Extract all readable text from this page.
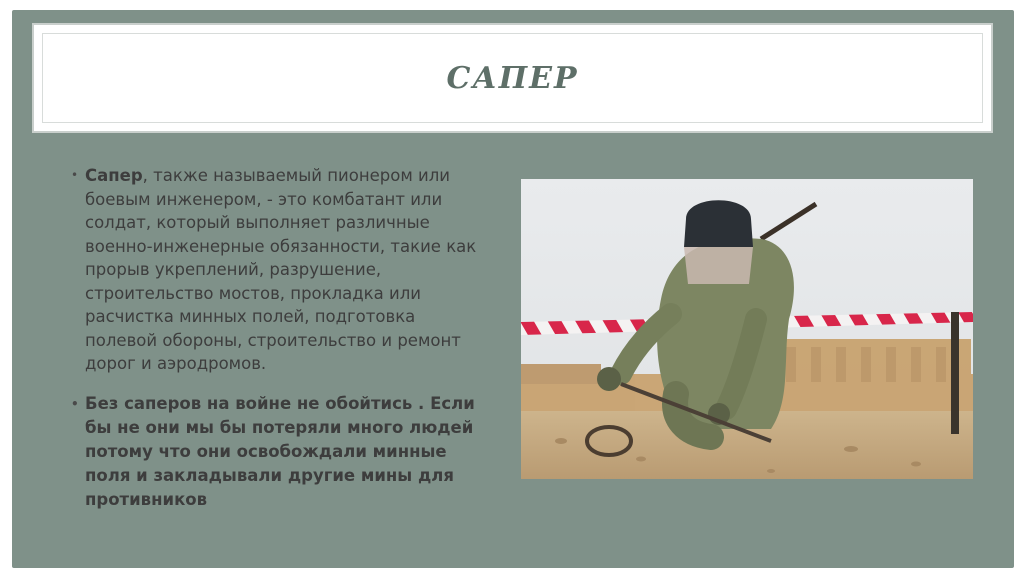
САПЕР

• Сапер, также называемый пионером или боевым инженером, - это комбатант или солдат, который выполняет различные военно-инженерные обязанности, такие как прорыв укреплений, разрушение, строительство мостов, прокладка или расчистка минных полей, подготовка полевой обороны, строительство и ремонт дорог и аэродромов.

• Без саперов на войне не обойтись . Если бы не они мы бы потеряли много людей потому что они освобождали минные поля и закладывали другие мины для противников
